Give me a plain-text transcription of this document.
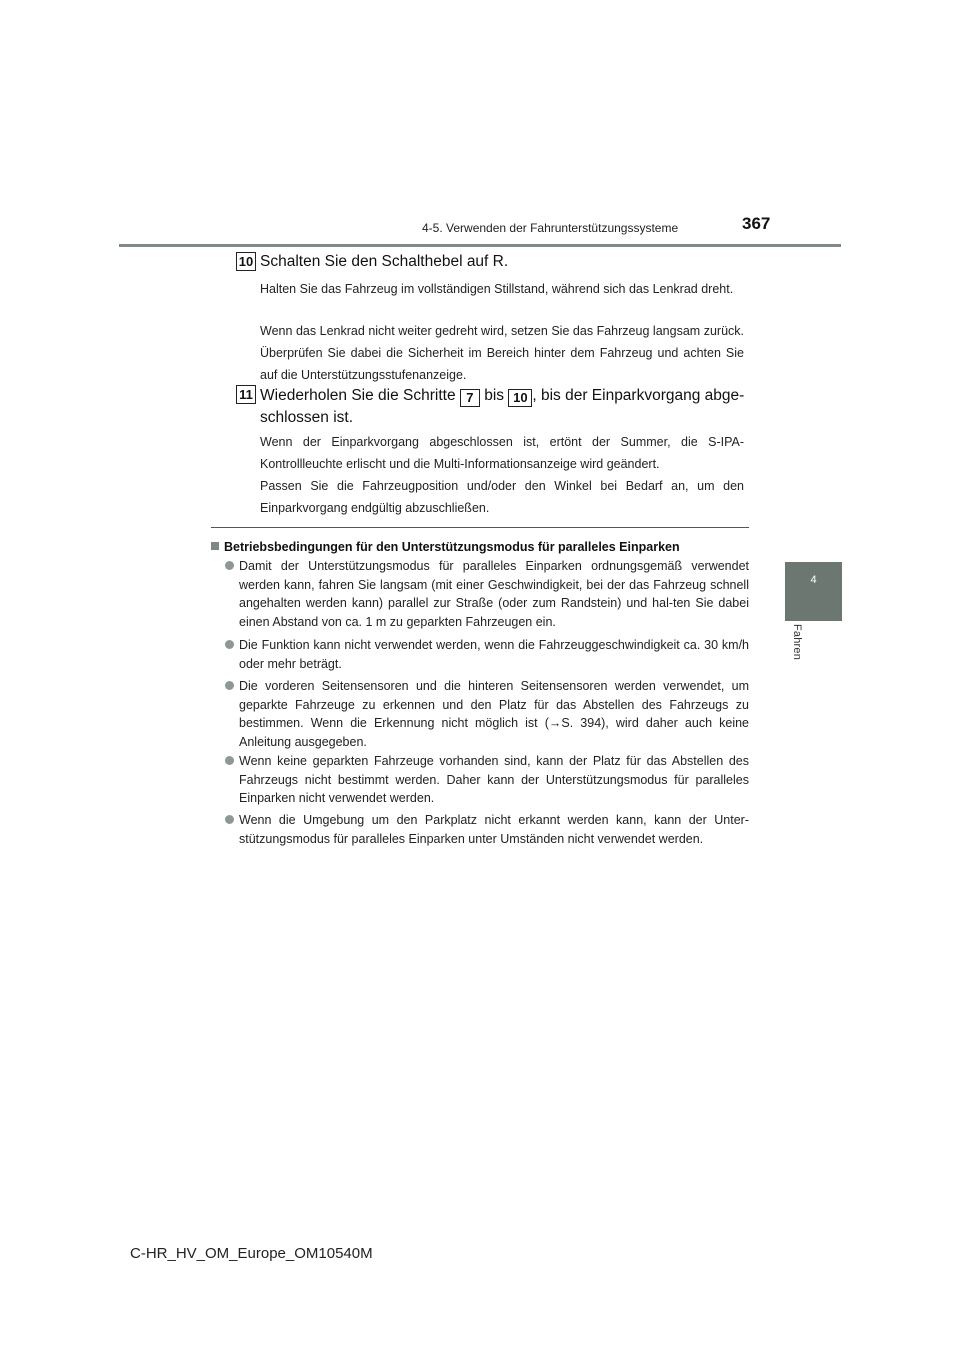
4-5. Verwenden der Fahrunterstützungssysteme	367
4
Fahren
10 Schalten Sie den Schalthebel auf R.
Halten Sie das Fahrzeug im vollständigen Stillstand, während sich das Lenkrad dreht.
Wenn das Lenkrad nicht weiter gedreht wird, setzen Sie das Fahrzeug langsam zurück. Überprüfen Sie dabei die Sicherheit im Bereich hinter dem Fahrzeug und achten Sie auf die Unterstützungsstufenanzeige.
11 Wiederholen Sie die Schritte 7 bis 10 , bis der Einparkvorgang abge-schlossen ist.
Wenn der Einparkvorgang abgeschlossen ist, ertönt der Summer, die S-IPA-Kontrollleuchte erlischt und die Multi-Informationsanzeige wird geändert.
Passen Sie die Fahrzeugposition und/oder den Winkel bei Bedarf an, um den Einparkvorgang endgültig abzuschließen.
Betriebsbedingungen für den Unterstützungsmodus für paralleles Einparken
Damit der Unterstützungsmodus für paralleles Einparken ordnungsgemäß verwendet werden kann, fahren Sie langsam (mit einer Geschwindigkeit, bei der das Fahrzeug schnell angehalten werden kann) parallel zur Straße (oder zum Randstein) und hal-ten Sie dabei einen Abstand von ca. 1 m zu geparkten Fahrzeugen ein.
Die Funktion kann nicht verwendet werden, wenn die Fahrzeuggeschwindigkeit ca. 30 km/h oder mehr beträgt.
Die vorderen Seitensensoren und die hinteren Seitensensoren werden verwendet, um geparkte Fahrzeuge zu erkennen und den Platz für das Abstellen des Fahrzeugs zu bestimmen. Wenn die Erkennung nicht möglich ist (→S. 394), wird daher auch keine Anleitung ausgegeben.
Wenn keine geparkten Fahrzeuge vorhanden sind, kann der Platz für das Abstellen des Fahrzeugs nicht bestimmt werden. Daher kann der Unterstützungsmodus für paralleles Einparken nicht verwendet werden.
Wenn die Umgebung um den Parkplatz nicht erkannt werden kann, kann der Unter-stützungsmodus für paralleles Einparken unter Umständen nicht verwendet werden.
C-HR_HV_OM_Europe_OM10540M
